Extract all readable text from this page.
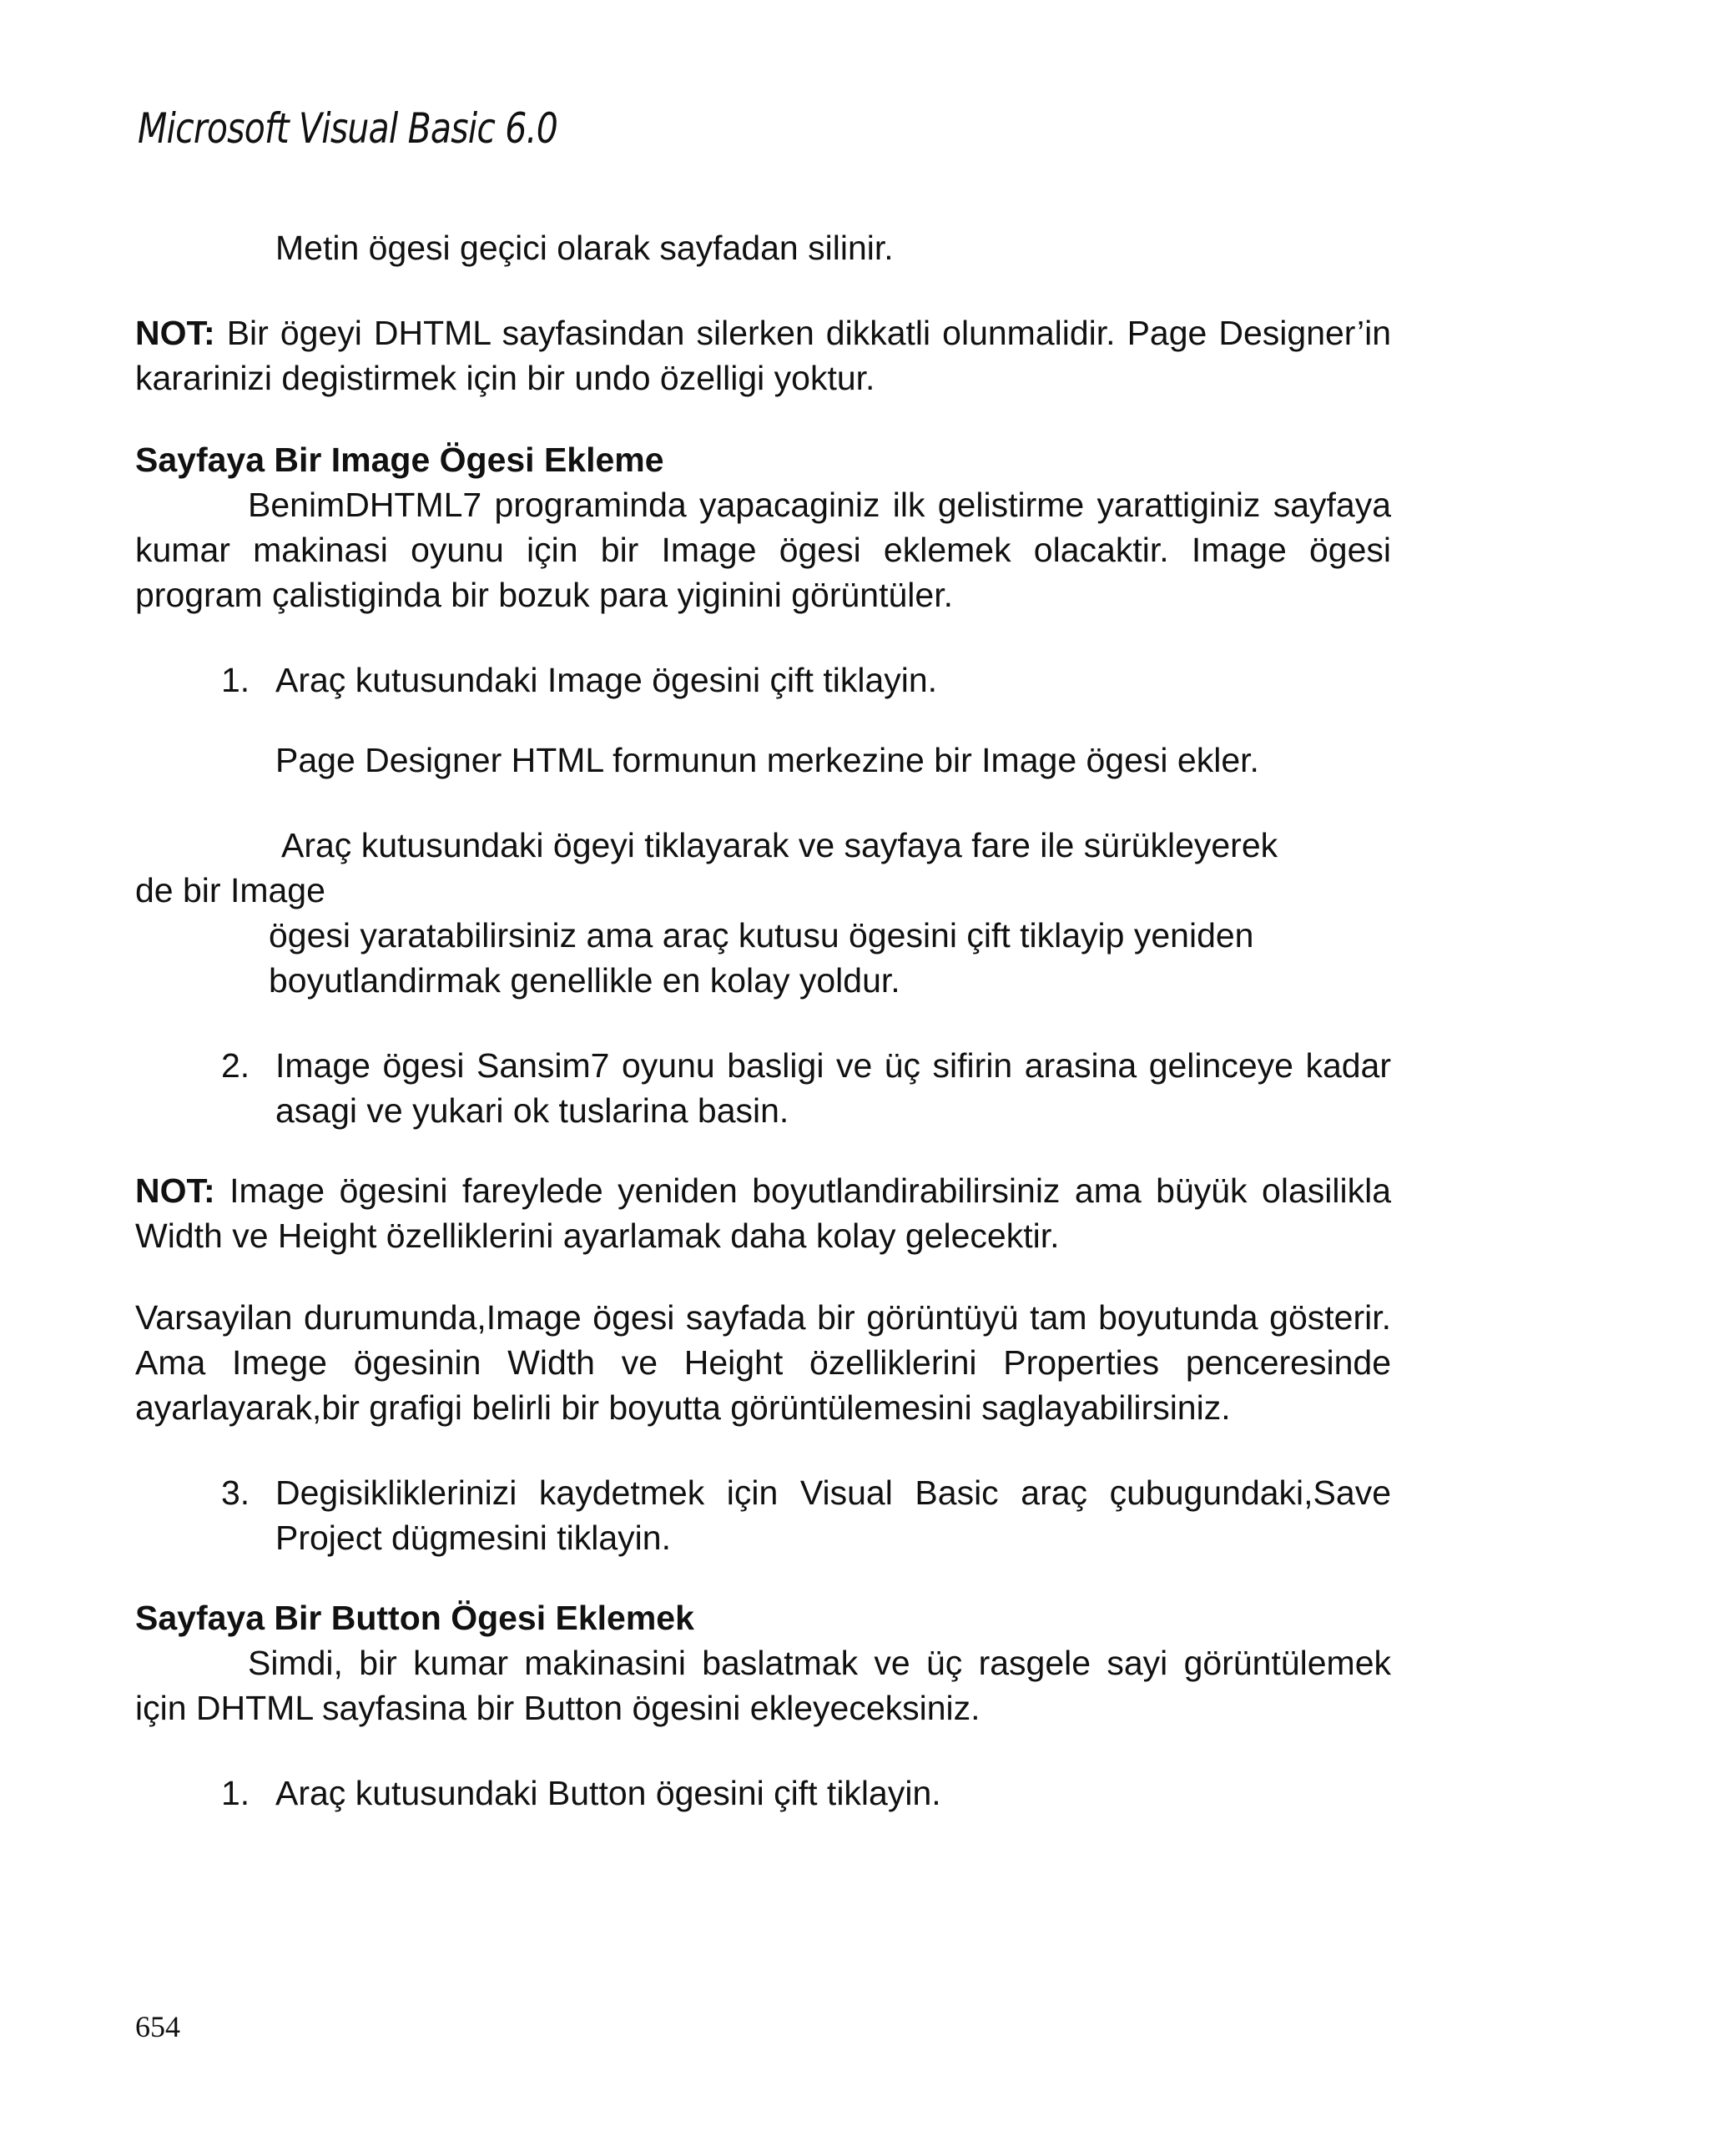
Microsoft Visual Basic 6.0

Metin ögesi geçici olarak sayfadan silinir.

NOT: Bir ögeyi DHTML sayfasindan silerken dikkatli olunmalidir. Page Designer’in kararinizi degistirmek için bir undo özelligi yoktur.

Sayfaya Bir Image Ögesi Ekleme

BenimDHTML7 programinda yapacaginiz ilk gelistirme yarattiginiz sayfaya kumar makinasi oyunu için bir Image ögesi eklemek olacaktir. Image ögesi program çalistiginda bir bozuk para yiginini görüntüler.

1. Araç kutusundaki Image ögesini çift tiklayin.

Page Designer HTML formunun merkezine bir Image ögesi ekler.

Araç kutusundaki ögeyi tiklayarak ve sayfaya fare ile sürükleyerek

de bir Image

ögesi yaratabilirsiniz ama araç kutusu ögesini çift tiklayip yeniden

boyutlandirmak genellikle en kolay yoldur.

2. Image ögesi Sansim7 oyunu basligi ve üç sifirin arasina gelinceye kadar asagi ve yukari ok tuslarina basin.

NOT: Image ögesini fareylede yeniden boyutlandirabilirsiniz ama büyük olasilikla Width ve Height özelliklerini ayarlamak daha kolay gelecektir.

Varsayilan durumunda,Image ögesi sayfada bir görüntüyü tam boyutunda gösterir. Ama Imege ögesinin Width ve Height özelliklerini Properties penceresinde ayarlayarak,bir grafigi belirli bir boyutta görüntülemesini saglayabilirsiniz.

3. Degisikliklerinizi kaydetmek için Visual Basic araç çubugundaki,Save Project dügmesini tiklayin.

Sayfaya Bir Button Ögesi Eklemek

Simdi, bir kumar makinasini baslatmak ve üç rasgele sayi görüntülemek için DHTML sayfasina bir Button ögesini ekleyeceksiniz.

1. Araç kutusundaki Button ögesini çift tiklayin.
654
